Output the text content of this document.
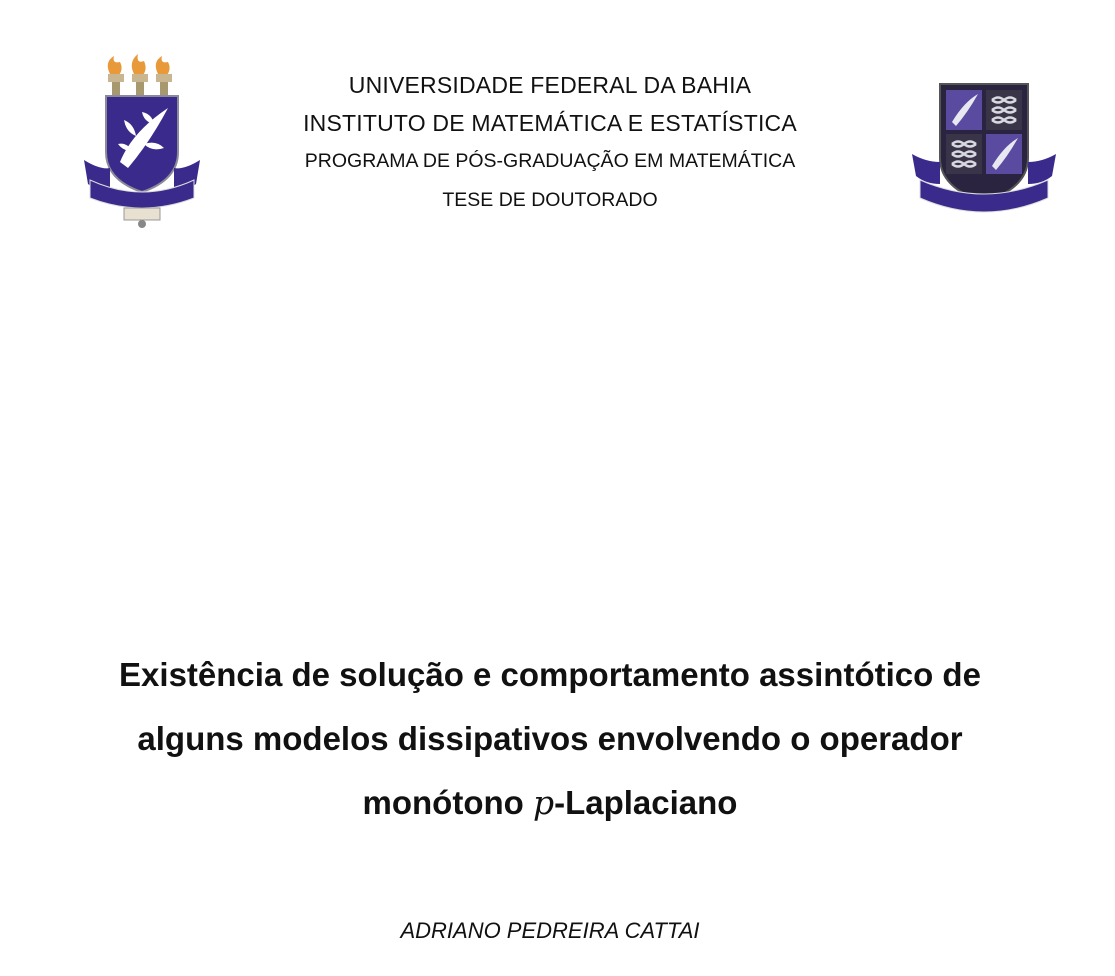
UNIVERSIDADE FEDERAL DA BAHIA
INSTITUTO DE MATEMÁTICA E ESTATÍSTICA
PROGRAMA DE PÓS-GRADUAÇÃO EM MATEMÁTICA
TESE DE DOUTORADO
Existência de solução e comportamento assintótico de
alguns modelos dissipativos envolvendo o operador
monótono p-Laplaciano
ADRIANO PEDREIRA CATTAI
